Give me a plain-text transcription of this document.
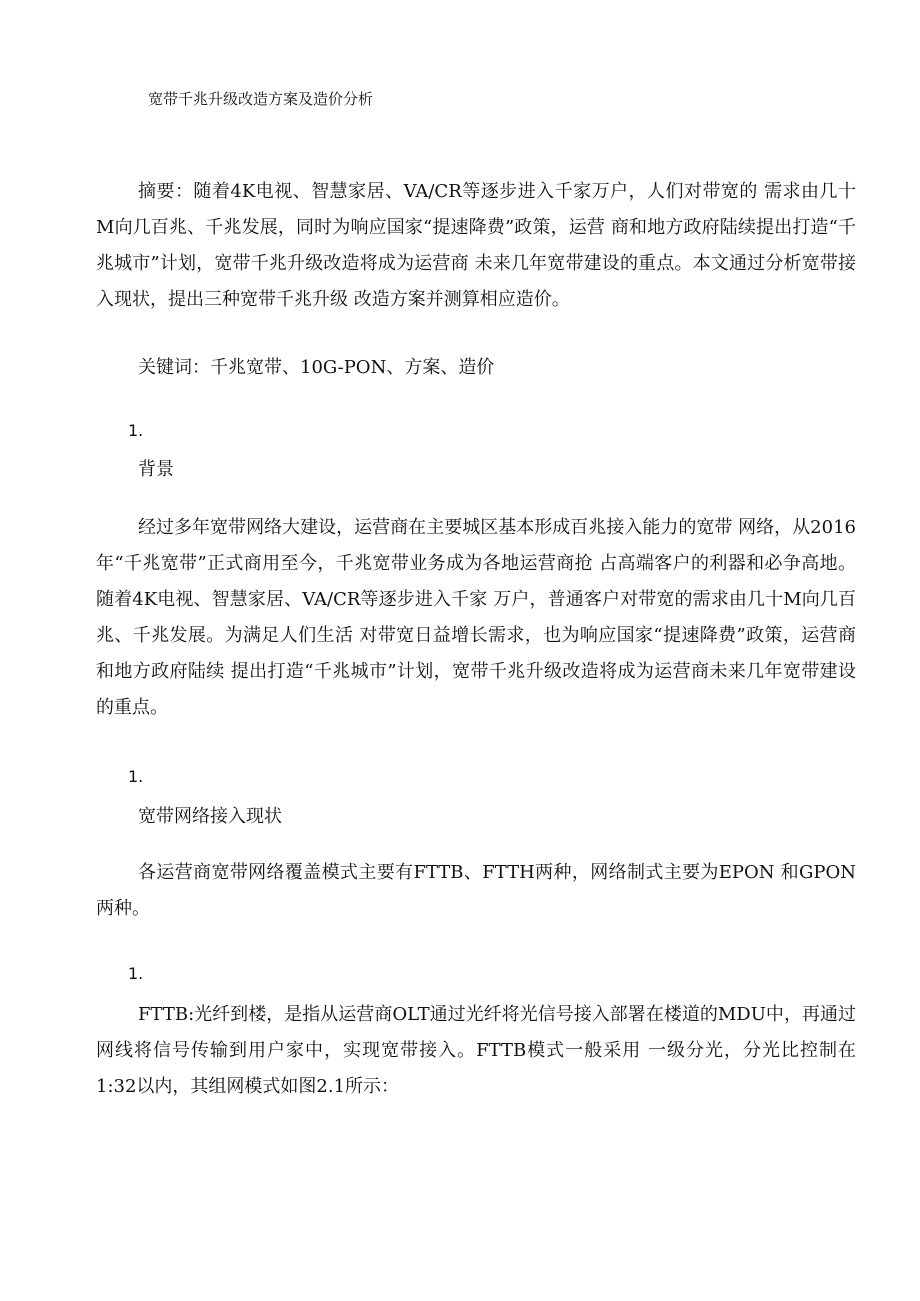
宽带千兆升级改造方案及造价分析
摘要：随着4K电视、智慧家居、VA/CR等逐步进入千家万户，人们对带宽的 需求由几十M向几百兆、千兆发展，同时为响应国家“提速降费”政策，运营 商和地方政府陆续提出打造“千兆城市”计划，宽带千兆升级改造将成为运营商 未来几年宽带建设的重点。本文通过分析宽带接入现状，提出三种宽带千兆升级 改造方案并测算相应造价。
关键词：千兆宽带、10G-PON、方案、造价
1.
背景
经过多年宽带网络大建设，运营商在主要城区基本形成百兆接入能力的宽带 网络，从2016年“千兆宽带”正式商用至今，千兆宽带业务成为各地运营商抢 占高端客户的利器和必争高地。随着4K电视、智慧家居、VA/CR等逐步进入千家 万户，普通客户对带宽的需求由几十M向几百兆、千兆发展。为满足人们生活 对带宽日益增长需求，也为响应国家“提速降费”政策，运营商和地方政府陆续 提出打造“千兆城市”计划，宽带千兆升级改造将成为运营商未来几年宽带建设 的重点。
1.
宽带网络接入现状
各运营商宽带网络覆盖模式主要有FTTB、FTTH两种，网络制式主要为EPON 和GPON两种。
1.
FTTB:光纤到楼，是指从运营商OLT通过光纤将光信号接入部署在楼道的MDU中，再通过网线将信号传输到用户家中，实现宽带接入。FTTB模式一般采用 一级分光，分光比控制在1:32以内，其组网模式如图2.1所示：
